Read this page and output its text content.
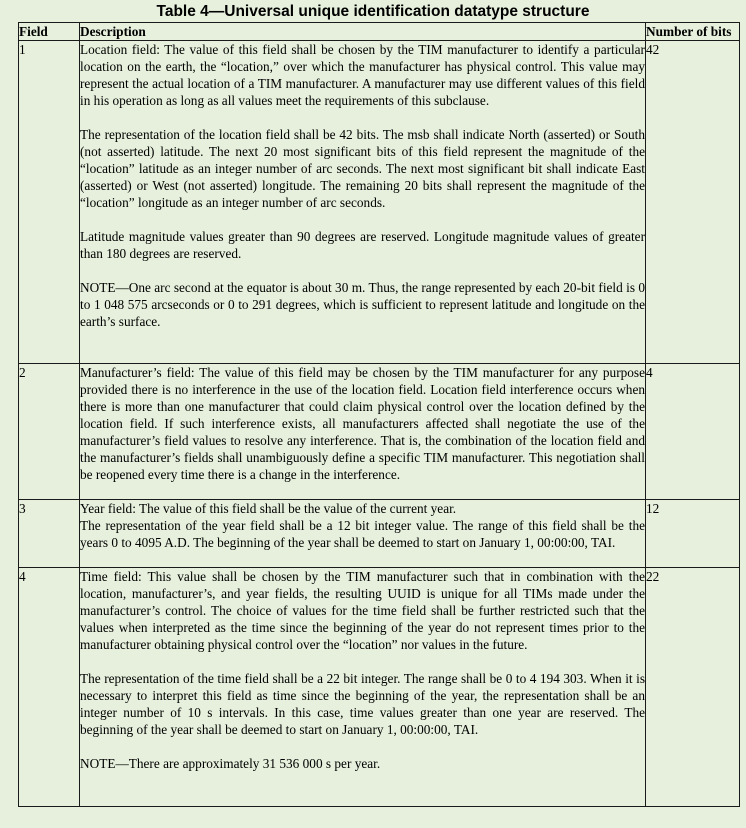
Table 4—Universal unique identification datatype structure
Field	Description	Number of bits
1	Location field: The value of this field shall be chosen by the TIM manufacturer to identify a particular location on the earth, the “location,” over which the manufacturer has physical control. This value may represent the actual location of a TIM manufacturer. A manufacturer may use different values of this field in his operation as long as all values meet the requirements of this subclause.

The representation of the location field shall be 42 bits. The msb shall indicate North (asserted) or South (not asserted) latitude. The next 20 most significant bits of this field represent the magnitude of the “location” latitude as an integer number of arc seconds. The next most significant bit shall indicate East (asserted) or West (not asserted) longitude. The remaining 20 bits shall represent the magnitude of the “location” longitude as an integer number of arc seconds.

Latitude magnitude values greater than 90 degrees are reserved. Longitude magnitude values of greater than 180 degrees are reserved.

NOTE—One arc second at the equator is about 30 m. Thus, the range represented by each 20-bit field is 0 to 1 048 575 arcseconds or 0 to 291 degrees, which is sufficient to represent latitude and longitude on the earth’s surface.	42
2	Manufacturer’s field: The value of this field may be chosen by the TIM manufacturer for any purpose provided there is no interference in the use of the location field. Location field interference occurs when there is more than one manufacturer that could claim physical control over the location defined by the location field. If such interference exists, all manufacturers affected shall negotiate the use of the manufacturer’s field values to resolve any interference. That is, the combination of the location field and the manufacturer’s fields shall unambiguously define a specific TIM manufacturer. This negotiation shall be reopened every time there is a change in the interference.	4
3	Year field: The value of this field shall be the value of the current year.

The representation of the year field shall be a 12 bit integer value. The range of this field shall be the years 0 to 4095 A.D. The beginning of the year shall be deemed to start on January 1, 00:00:00, TAI.	12
4	Time field: This value shall be chosen by the TIM manufacturer such that in combination with the location, manufacturer’s, and year fields, the resulting UUID is unique for all TIMs made under the manufacturer’s control. The choice of values for the time field shall be further restricted such that the values when interpreted as the time since the beginning of the year do not represent times prior to the manufacturer obtaining physical control over the “location” nor values in the future.

The representation of the time field shall be a 22 bit integer. The range shall be 0 to 4 194 303. When it is necessary to interpret this field as time since the beginning of the year, the representation shall be an integer number of 10 s intervals. In this case, time values greater than one year are reserved. The beginning of the year shall be deemed to start on January 1, 00:00:00, TAI.

NOTE—There are approximately 31 536 000 s per year.	22
